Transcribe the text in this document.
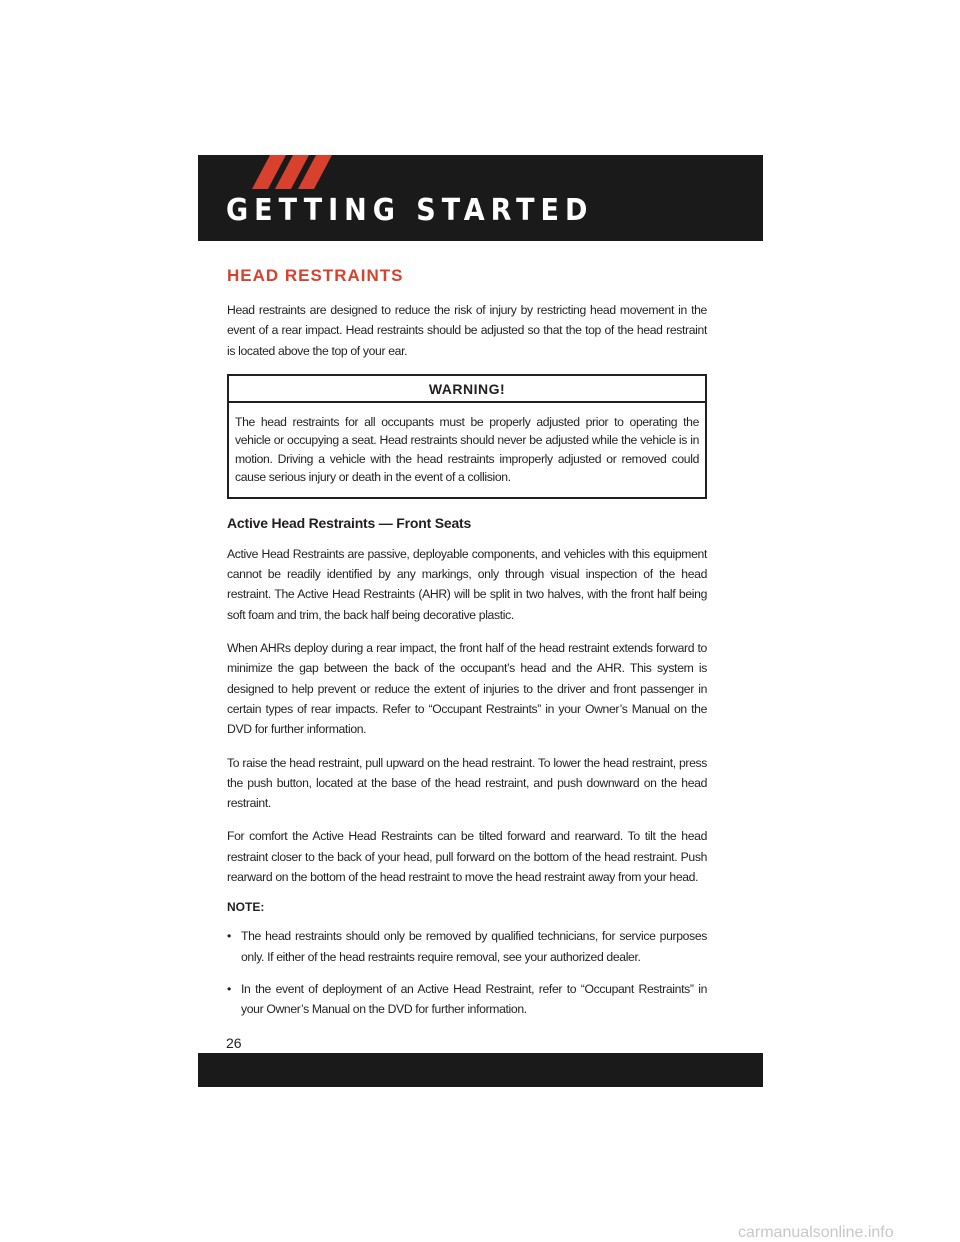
GETTING STARTED
HEAD RESTRAINTS

Head restraints are designed to reduce the risk of injury by restricting head movement in the event of a rear impact. Head restraints should be adjusted so that the top of the head restraint is located above the top of your ear.

WARNING!

The head restraints for all occupants must be properly adjusted prior to operating the vehicle or occupying a seat. Head restraints should never be adjusted while the vehicle is in motion. Driving a vehicle with the head restraints improperly adjusted or removed could cause serious injury or death in the event of a collision.

Active Head Restraints — Front Seats

Active Head Restraints are passive, deployable components, and vehicles with this equipment cannot be readily identified by any markings, only through visual inspection of the head restraint. The Active Head Restraints (AHR) will be split in two halves, with the front half being soft foam and trim, the back half being decorative plastic.

When AHRs deploy during a rear impact, the front half of the head restraint extends forward to minimize the gap between the back of the occupant’s head and the AHR. This system is designed to help prevent or reduce the extent of injuries to the driver and front passenger in certain types of rear impacts. Refer to “Occupant Restraints” in your Owner’s Manual on the DVD for further information.

To raise the head restraint, pull upward on the head restraint. To lower the head restraint, press the push button, located at the base of the head restraint, and push downward on the head restraint.

For comfort the Active Head Restraints can be tilted forward and rearward. To tilt the head restraint closer to the back of your head, pull forward on the bottom of the head restraint. Push rearward on the bottom of the head restraint to move the head restraint away from your head.

NOTE:
• The head restraints should only be removed by qualified technicians, for service purposes only. If either of the head restraints require removal, see your authorized dealer.
• In the event of deployment of an Active Head Restraint, refer to “Occupant Restraints” in your Owner’s Manual on the DVD for further information.
26
carmanualsonline.info
